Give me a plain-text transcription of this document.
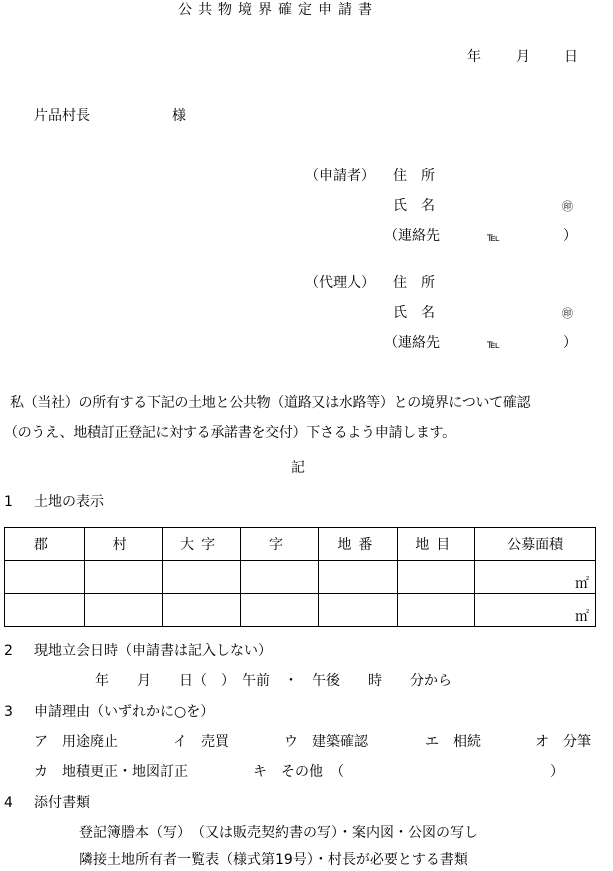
公共物境界確定申請書
年	月 日
片品村長	様
（申請者） 住　所
氏　名	㊞
（連絡先	℡	）
（代理人） 住　所
氏　名	㊞
（連絡先	℡	）
私（当社）の所有する下記の土地と公共物（道路又は水路等）との境界について確認
（のうえ、地積訂正登記に対する承諾書を交付）下さるよう申請します。
記
1 土地の表示
郡	村	大字	字	地番	地目	公募面積
						㎡
						㎡
2 現地立会日時（申請書は記入しない）
年　　月　　日（　）　午前　・　午後　　時　　分から
3 申請理由（いずれかに○を）
ア　用途廃止	イ　売買	ウ　建築確認	エ　相続	オ　分筆
カ　地積更正・地図訂正	キ　その他　（	）
4 添付書類
登記簿謄本（写）　（又は販売契約書の写）・案内図・公図の写し
隣接土地所有者一覧表（様式第19号）・村長が必要とする書類
